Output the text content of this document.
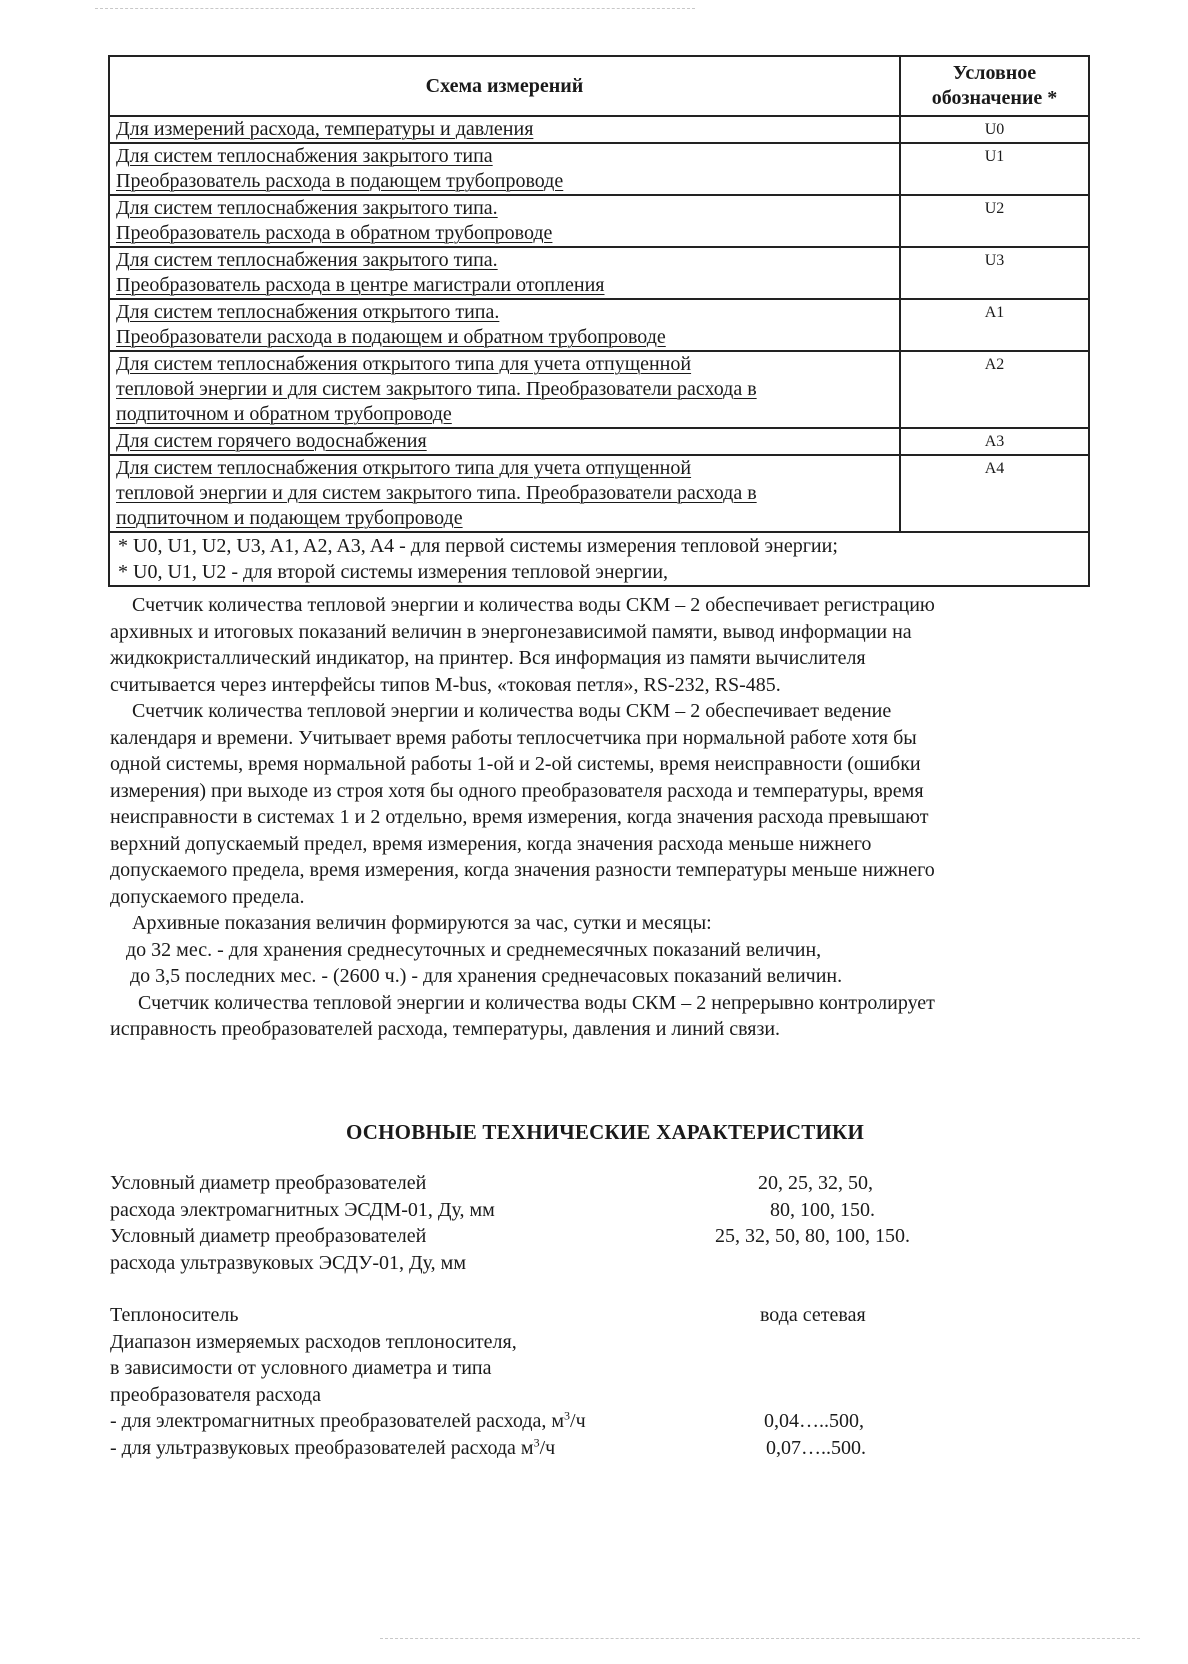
Схема измерений	Условное
обозначение *

Для измерений расхода, температуры и давления	U0

Для систем теплоснабжения закрытого типа
Преобразователь расхода в подающем трубопроводе	U1

Для систем теплоснабжения закрытого типа.
Преобразователь расхода в обратном трубопроводе	U2

Для систем теплоснабжения закрытого типа.
Преобразователь расхода в центре магистрали отопления	U3

Для систем теплоснабжения открытого типа.
Преобразователи расхода в подающем и обратном трубопроводе	A1

Для систем теплоснабжения открытого типа для учета отпущенной
тепловой энергии и для систем закрытого типа. Преобразователи расхода в
подпиточном и обратном трубопроводе	A2

Для систем горячего водоснабжения	A3

Для систем теплоснабжения открытого типа для учета отпущенной
тепловой энергии и для систем закрытого типа. Преобразователи расхода в
подпиточном и подающем трубопроводе	A4

* U0, U1, U2, U3, A1, A2, A3, A4 - для первой системы измерения тепловой энергии;
* U0, U1, U2 - для второй системы измерения тепловой энергии,	

Счетчик количества тепловой энергии и количества воды СКМ – 2 обеспечивает регистрацию

архивных и итоговых показаний величин в энергонезависимой памяти, вывод информации на
жидкокристаллический индикатор, на принтер. Вся информация из памяти вычислителя
считывается через интерфейсы типов M-bus, «токовая петля», RS-232, RS-485.

Счетчик количества тепловой энергии и количества воды СКМ – 2 обеспечивает ведение

календаря и времени. Учитывает время работы теплосчетчика при нормальной работе хотя бы
одной системы, время нормальной работы 1-ой и 2-ой системы, время неисправности (ошибки
измерения) при выходе из строя хотя бы одного преобразователя расхода и температуры, время
неисправности в системах 1 и 2 отдельно, время измерения, когда значения расхода превышают
верхний допускаемый предел, время измерения, когда значения расхода меньше нижнего
допускаемого предела, время измерения, когда значения разности температуры меньше нижнего
допускаемого предела.

Архивные показания величин формируются за час, сутки и месяцы:

до 32 мес. - для хранения среднесуточных и среднемесячных показаний величин,
до 3,5 последних мес. - (2600 ч.) - для хранения среднечасовых показаний величин.

Счетчик количества тепловой энергии и количества воды СКМ – 2 непрерывно контролирует

исправность преобразователей расхода, температуры, давления и линий связи.
ОСНОВНЫЕ ТЕХНИЧЕСКИЕ ХАРАКТЕРИСТИКИ
Условный диаметр преобразователей	20, 25, 32, 50,
расхода электромагнитных ЭСДМ-01, Ду, мм	80, 100, 150.
Условный диаметр преобразователей	25, 32, 50, 80, 100, 150.
расхода ультразвуковых ЭСДУ-01, Ду, мм
Теплоноситель	вода сетевая
Диапазон измеряемых расходов теплоносителя,
в зависимости от условного диаметра и типа
преобразователя расхода
- для электромагнитных преобразователей расхода, $м^3/ч$	0,04…..500,
- для ультразвуковых преобразователей расхода $м^3/ч$	0,07…..500.
